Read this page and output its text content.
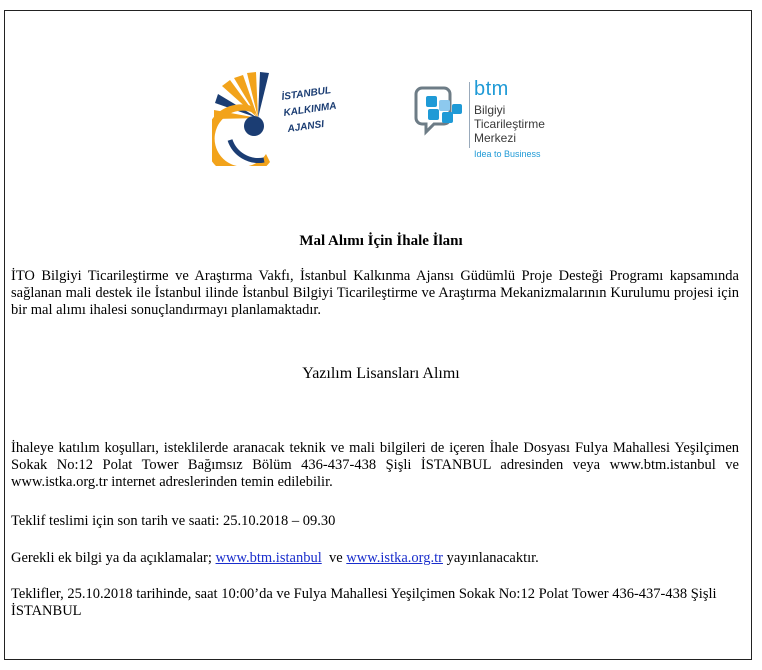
İSTANBUL
KALKINMA
AJANSI
btm
Bilgiyi
Ticarileştirme
Merkezi
Idea to Business
Mal Alımı İçin İhale İlanı
İTO Bilgiyi Ticarileştirme ve Araştırma Vakfı, İstanbul Kalkınma Ajansı Güdümlü Proje Desteği Programı kapsamında sağlanan mali destek ile İstanbul ilinde İstanbul Bilgiyi Ticarileştirme ve Araştırma Mekanizmalarının Kurulumu projesi için bir mal alımı ihalesi sonuçlandırmayı planlamaktadır.
Yazılım Lisansları Alımı
İhaleye katılım koşulları, isteklilerde aranacak teknik ve mali bilgileri de içeren İhale Dosyası Fulya Mahallesi Yeşilçimen Sokak No:12 Polat Tower Bağımsız Bölüm 436-437-438 Şişli İSTANBUL adresinden veya www.btm.istanbul ve www.istka.org.tr internet adreslerinden temin edilebilir.
Teklif teslimi için son tarih ve saati: 25.10.2018 – 09.30
Gerekli ek bilgi ya da açıklamalar; www.btm.istanbul ve www.istka.org.tr yayınlanacaktır.
Teklifler, 25.10.2018 tarihinde, saat 10:00’da ve Fulya Mahallesi Yeşilçimen Sokak No:12 Polat Tower 436-437-438 Şişli İSTANBUL
